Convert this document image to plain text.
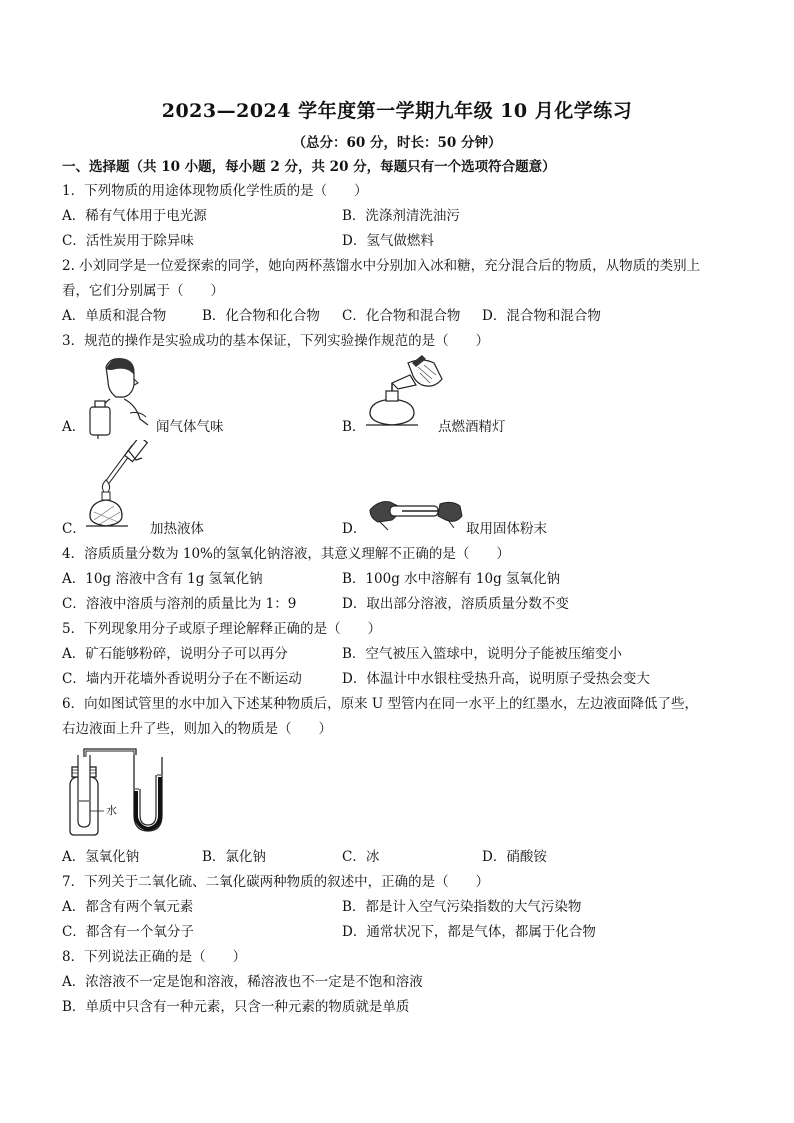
2023—2024 学年度第一学期九年级 10 月化学练习
（总分：60 分，时长：50 分钟）
一、选择题（共 10 小题，每小题 2 分，共 20 分，每题只有一个选项符合题意）
1．下列物质的用途体现物质化学性质的是（　　）
A．稀有气体用于电光源	B．洗涤剂清洗油污
C．活性炭用于除异味	D．氢气做燃料
2. 小刘同学是一位爱探索的同学，她向两杯蒸馏水中分别加入冰和糖，充分混合后的物质，从物质的类别上
看，它们分别属于（　　）
A．单质和混合物	B．化合物和化合物 C．化合物和混合物 D．混合物和混合物
3．规范的操作是实验成功的基本保证，下列实验操作规范的是（　　）
A．	闻气体气味	B．	点燃酒精灯
C．	加热液体	D．	取用固体粉末
4．溶质质量分数为 10%的氢氧化钠溶液，其意义理解不正确的是（　　）
A．10g 溶液中含有 1g 氢氧化钠	B．100g 水中溶解有 10g 氢氧化钠
C．溶液中溶质与溶剂的质量比为 1：9	D．取出部分溶液，溶质质量分数不变
5．下列现象用分子或原子理论解释正确的是（　　）
A．矿石能够粉碎，说明分子可以再分	B．空气被压入篮球中，说明分子能被压缩变小
C．墙内开花墙外香说明分子在不断运动	D．体温计中水银柱受热升高，说明原子受热会变大
6．向如图试管里的水中加入下述某种物质后，原来 U 型管内在同一水平上的红墨水，左边液面降低了些，
右边液面上升了些，则加入的物质是（　　）
水
A．氢氧化钠	B．氯化钠	C．冰	D．硝酸铵
7．下列关于二氧化硫、二氧化碳两种物质的叙述中，正确的是（　　）
A．都含有两个氧元素	B．都是计入空气污染指数的大气污染物
C．都含有一个氧分子	D．通常状况下，都是气体，都属于化合物
8．下列说法正确的是（　　）
A．浓溶液不一定是饱和溶液，稀溶液也不一定是不饱和溶液
B．单质中只含有一种元素，只含一种元素的物质就是单质
